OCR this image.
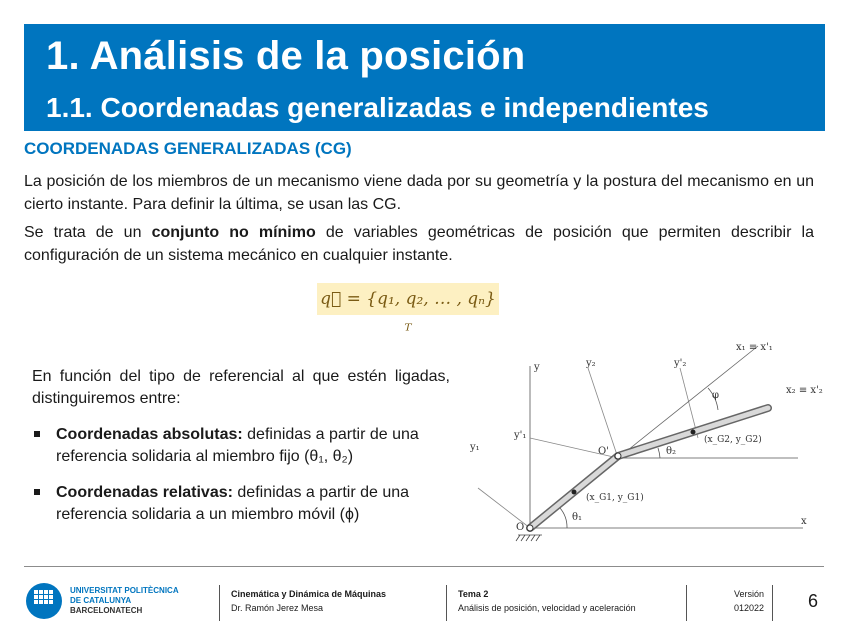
1. Análisis de la posición
1.1. Coordenadas generalizadas e independientes
COORDENADAS GENERALIZADAS (CG)
La posición de los miembros de un mecanismo viene dada por su geometría y la postura del mecanismo en un cierto instante. Para definir la última, se usan las CG.
Se trata de un conjunto no mínimo de variables geométricas de posición que permiten describir la configuración de un sistema mecánico en cualquier instante.
q⃗ = {q₁, q₂, … , qₙ}ᵀ
En función del tipo de referencial al que estén ligadas, distinguiremos entre:
Coordenadas absolutas: definidas a partir de una referencia solidaria al miembro fijo (θ₁, θ₂)
Coordenadas relativas: definidas a partir de una referencia solidaria a un miembro móvil (ϕ)
y
x
O
O'
y₂	y'₂
y₁
y'₁
x₁ ≡ x'₁
x₂ ≡ x'₂
φ
θ₁
θ₂
(x_G1, y_G1)
(x_G2, y_G2)
UNIVERSITAT POLITÈCNICA
DE CATALUNYA
BARCELONATECH
Cinemática y Dinámica de Máquinas
Dr. Ramón Jerez Mesa
Tema 2
Análisis de posición, velocidad y aceleración
Versión
012022 6
